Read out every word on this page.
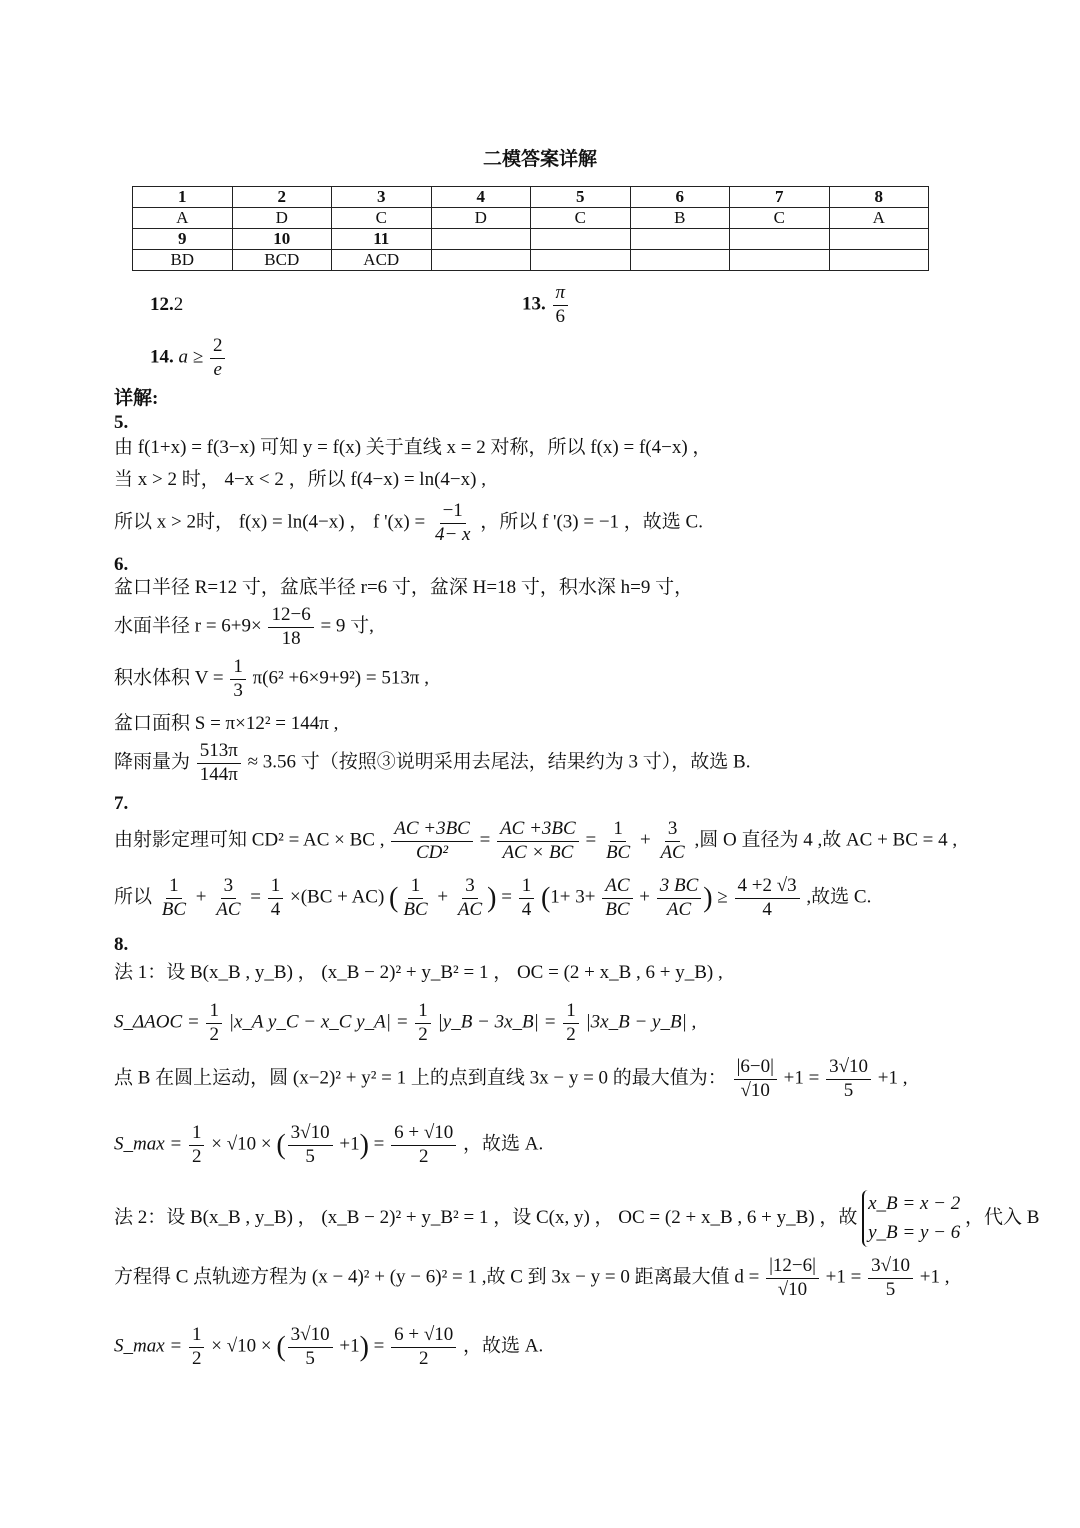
二模答案详解
1	2	3	4	5	6	7	8
A	D	C	D	C	B	C	A
9	10	11					
BD	BCD	ACD					
12.2	13. $\frac{\pi}{6}$
14. $a \ge \frac{2}{e}$
详解:
5.
由 f(1+x) = f(3−x) 可知 y = f(x) 关于直线 x = 2 对称，所以 f(x) = f(4−x) ，
当 x > 2 时， 4−x < 2 ，所以 f(4−x) = ln(4−x) ,
所以 x > 2时， f(x) = ln(4−x) ， f '$(x) = \frac{-1}{4- x}$ ，所以 f '(3) = −1 ，故选 C.
6.
盆口半径 R=12 寸，盆底半径 r=6 寸，盆深 H=18 寸，积水深 h=9 寸，
水面半径 $r = 6+9\times \frac{12-6}{18} = 9$ 寸,
积水体积 $V = \frac{1}{3} \pi(6^2 +6\times 9+9^2) = 513\pi$ ,
盆口面积 S = π×12² = 144π ,
降雨量为 $\frac{513\pi}{144\pi} \approx 3.56$ 寸（按照③说明采用去尾法，结果约为 3 寸），故选 B.
7.
由射影定理可知 CD² = AC × BC , $\frac{AC +3BC}{\text{CD²}} = \frac{AC +3BC}{AC \times BC} = \frac{1}{BC} + \frac{3}{AC}$ ,圆 O 直径为 4 ,故 AC + BC = 4 ,
所以 $\frac{1}{BC} + \frac{3}{AC} = \frac{1}{4} \times(BC + AC)$ ( $\frac{1}{BC} + \frac{3}{AC}$ ) = $\frac{1}{4} (1+ 3+ \frac{AC}{BC} + \frac{3 BC}{AC}$ ) ≥ $\frac{4 +2 √3}{4}$ ,故选 C.
8.
法 1：设 B(x_B , y_B) ， (x_B − 2)² + y_B² = 1 ， OC = (2 + x_B , 6 + y_B) ,
S_ΔAOC = $\frac{1}{2}$ |x_A y_C − x_C y_A| = $\frac{1}{2}$ |y_B − 3x_B| = $\frac{1}{2}$ |3x_B − y_B| ,
点 B 在圆上运动，圆 (x−2)² + y² = 1 上的点到直线 3x − y = 0 的最大值为： $\frac{|6-0|}{√10} +1 = \frac{3√10}{5} +1$ ,
S_max = $\frac{1}{2} \times √10$ × ( $\frac{3√10}{5} +1) = \frac{6 + √10}{2}$ ，故选 A.
法 2：设 B(x_B , y_B) ， (x_B − 2)² + y_B² = 1 ，设 C(x, y) ， OC = (2 + x_B , 6 + y_B) ，故
x_B = x − 2
y_B = y − 6
，代入 B
方程得 C 点轨迹方程为 (x − 4)² + (y − 6)² = 1 ,故 C 到 3x − y = 0 距离最大值 $d = \frac{|12-6|}{√10} +1 = \frac{3√10}{5} +1$ ,
S_max = $\frac{1}{2} \times √10$ × ( $\frac{3√10}{5} +1) = \frac{6 + √10}{2}$ ，故选 A.
